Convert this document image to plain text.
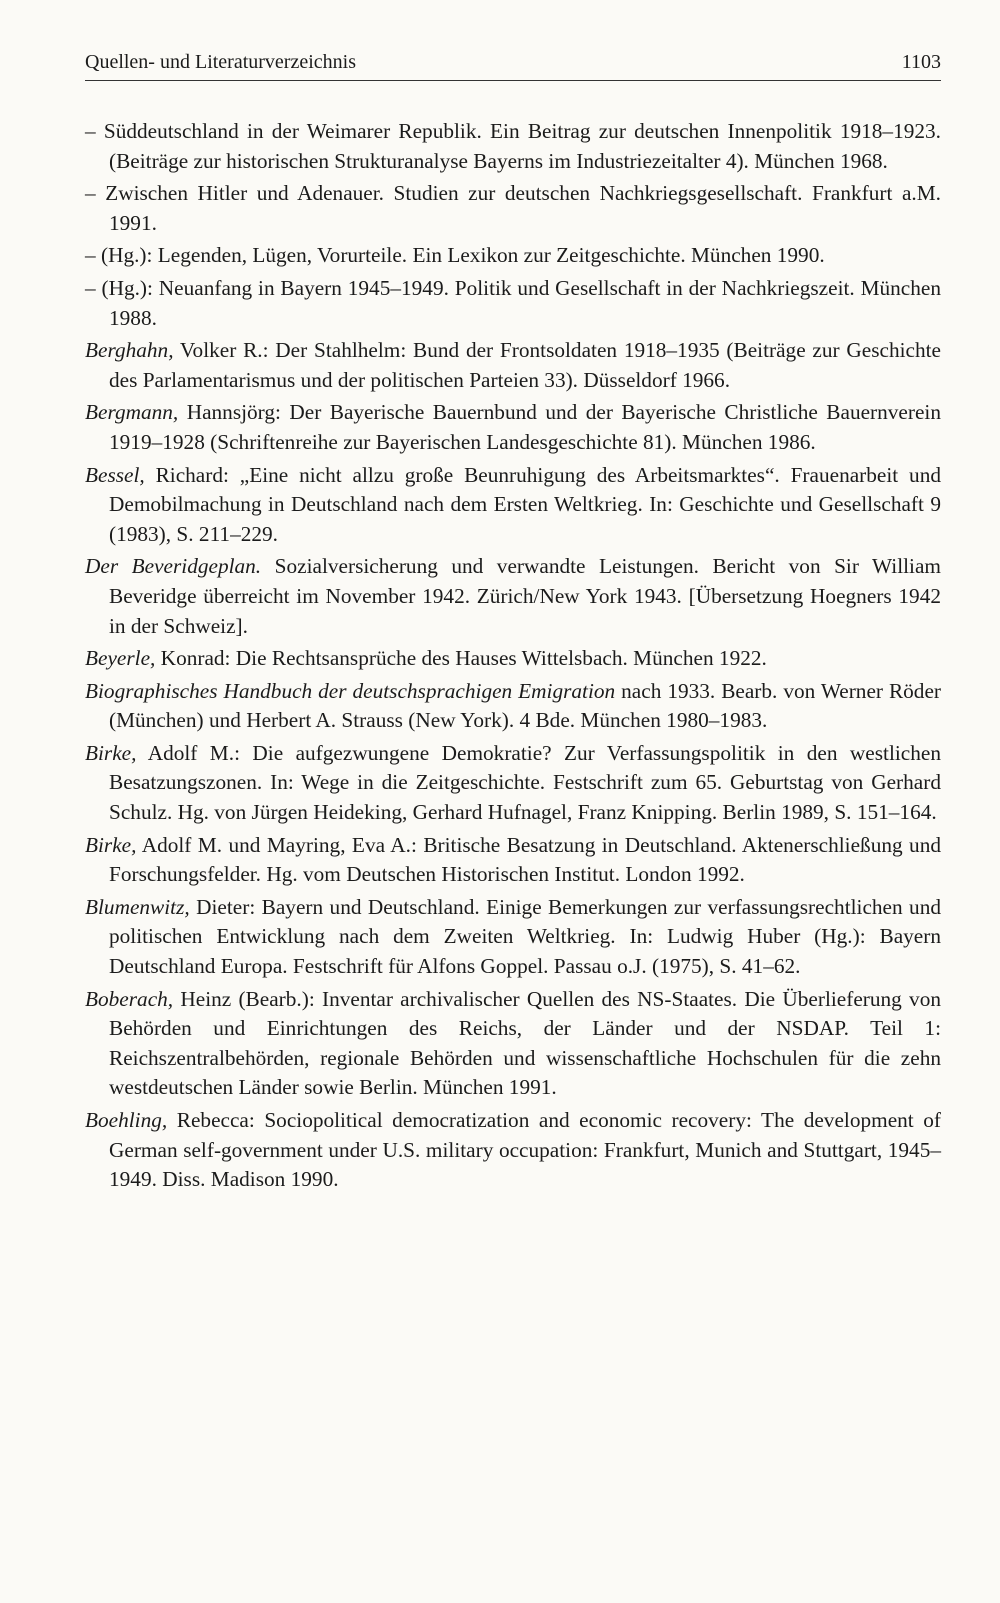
Quellen- und Literaturverzeichnis	1103

– Süddeutschland in der Weimarer Republik. Ein Beitrag zur deutschen Innenpolitik 1918–1923. (Beiträge zur historischen Strukturanalyse Bayerns im Industriezeitalter 4). München 1968.

– Zwischen Hitler und Adenauer. Studien zur deutschen Nachkriegsgesellschaft. Frankfurt a.M. 1991.

– (Hg.): Legenden, Lügen, Vorurteile. Ein Lexikon zur Zeitgeschichte. München 1990.

– (Hg.): Neuanfang in Bayern 1945–1949. Politik und Gesellschaft in der Nachkriegszeit. München 1988.

Berghahn, Volker R.: Der Stahlhelm: Bund der Frontsoldaten 1918–1935 (Beiträge zur Geschichte des Parlamentarismus und der politischen Parteien 33). Düsseldorf 1966.

Bergmann, Hannsjörg: Der Bayerische Bauernbund und der Bayerische Christliche Bauernverein 1919–1928 (Schriftenreihe zur Bayerischen Landesgeschichte 81). München 1986.

Bessel, Richard: „Eine nicht allzu große Beunruhigung des Arbeitsmarktes“. Frauenarbeit und Demobilmachung in Deutschland nach dem Ersten Weltkrieg. In: Geschichte und Gesellschaft 9 (1983), S. 211–229.

Der Beveridgeplan. Sozialversicherung und verwandte Leistungen. Bericht von Sir William Beveridge überreicht im November 1942. Zürich/New York 1943. [Übersetzung Hoegners 1942 in der Schweiz].

Beyerle, Konrad: Die Rechtsansprüche des Hauses Wittelsbach. München 1922.

Biographisches Handbuch der deutschsprachigen Emigration nach 1933. Bearb. von Werner Röder (München) und Herbert A. Strauss (New York). 4 Bde. München 1980–1983.

Birke, Adolf M.: Die aufgezwungene Demokratie? Zur Verfassungspolitik in den westlichen Besatzungszonen. In: Wege in die Zeitgeschichte. Festschrift zum 65. Geburtstag von Gerhard Schulz. Hg. von Jürgen Heideking, Gerhard Hufnagel, Franz Knipping. Berlin 1989, S. 151–164.

Birke, Adolf M. und Mayring, Eva A.: Britische Besatzung in Deutschland. Aktenerschließung und Forschungsfelder. Hg. vom Deutschen Historischen Institut. London 1992.

Blumenwitz, Dieter: Bayern und Deutschland. Einige Bemerkungen zur verfassungsrechtlichen und politischen Entwicklung nach dem Zweiten Weltkrieg. In: Ludwig Huber (Hg.): Bayern Deutschland Europa. Festschrift für Alfons Goppel. Passau o.J. (1975), S. 41–62.

Boberach, Heinz (Bearb.): Inventar archivalischer Quellen des NS-Staates. Die Überlieferung von Behörden und Einrichtungen des Reichs, der Länder und der NSDAP. Teil 1: Reichszentralbehörden, regionale Behörden und wissenschaftliche Hochschulen für die zehn westdeutschen Länder sowie Berlin. München 1991.

Boehling, Rebecca: Sociopolitical democratization and economic recovery: The development of German self-government under U.S. military occupation: Frankfurt, Munich and Stuttgart, 1945–1949. Diss. Madison 1990.
